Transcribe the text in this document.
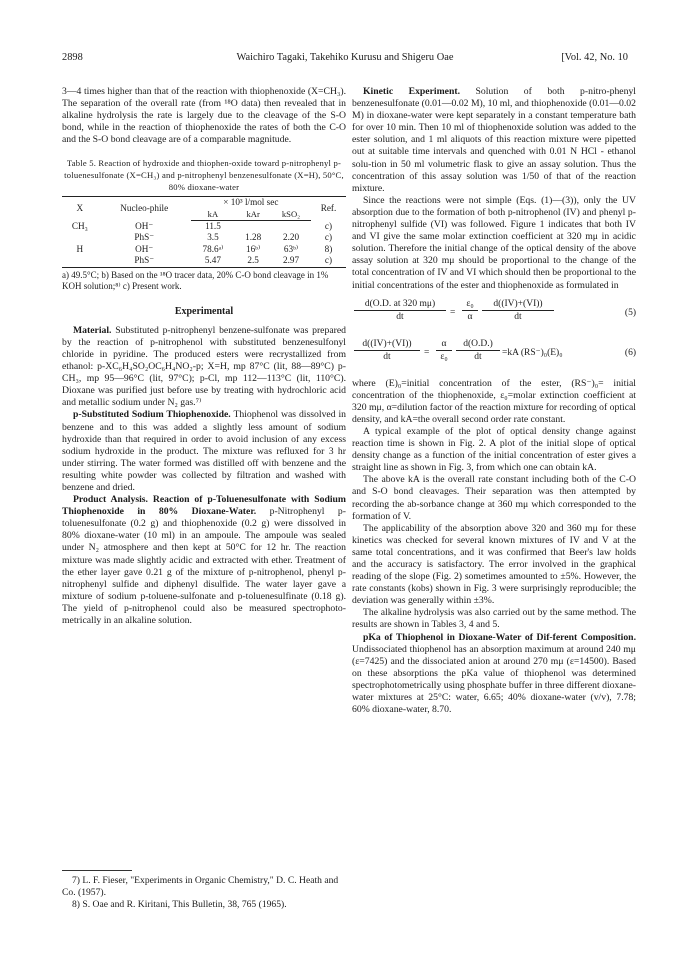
2898	Waichiro Tagaki, Takehiko Kurusu and Shigeru Oae	[Vol. 42, No. 10

3—4 times higher than that of the reaction with thiophenoxide (X=CH₃). The separation of the overall rate (from ¹⁸O data) then revealed that in alkaline hydrolysis the rate is largely due to the cleavage of the S-O bond, while in the reaction of thiophenoxide the rates of both the C-O and the S-O bond cleavage are of a comparable magnitude.

Table 5. Reaction of hydroxide and thiophen-oxide toward p-nitrophenyl p-toluenesulfonate (X=CH₃) and p-nitrophenyl benzenesulfonate (X=H), 50°C, 80% dioxane-water
X	Nucleo-phile	× 10³ l/mol sec			Ref.
		kA	kAr	kSO₂	
CH₃	OH⁻	11.5			c)
	PhS⁻	3.5	1.28	2.20	c)
H	OH⁻	78.6ᵃ⁾	16ᵇ⁾	63ᵇ⁾	8)
	PhS⁻	5.47	2.5	2.97	c)
a) 49.5°C; b) Based on the ¹⁸O tracer data, 20% C-O bond cleavage in 1% KOH solution;⁸⁾ c) Present work.
Experimental

Material. Substituted p-nitrophenyl benzene-sulfonate was prepared by the reaction of p-nitrophenol with substituted benzenesulfonyl chloride in pyridine. The produced esters were recrystallized from ethanol: p-XC₆H₄SO₂OC₆H₄NO₂-p; X=H, mp 87°C (lit, 88—89°C) p-CH₃, mp 95—96°C (lit, 97°C); p-Cl, mp 112—113°C (lit, 110°C). Dioxane was purified just before use by treating with hydrochloric acid and metallic sodium under N₂ gas.⁷⁾

p-Substituted Sodium Thiophenoxide. Thiophenol was dissolved in benzene and to this was added a slightly less amount of sodium hydroxide than that required in order to avoid inclusion of any excess sodium hydroxide in the product. The mixture was refluxed for 3 hr under stirring. The water formed was distilled off with benzene and the resulting white powder was collected by filtration and washed with benzene and dried.

Product Analysis. Reaction of p-Toluenesulfonate with Sodium Thiophenoxide in 80% Dioxane-Water. p-Nitrophenyl p-toluenesulfonate (0.2 g) and thiophenoxide (0.2 g) were dissolved in 80% dioxane-water (10 ml) in an ampoule. The ampoule was sealed under N₂ atmosphere and then kept at 50°C for 12 hr. The reaction mixture was made slightly acidic and extracted with ether. Treatment of the ether layer gave 0.21 g of the mixture of p-nitrophenol, phenyl p-nitrophenyl sulfide and diphenyl disulfide. The water layer gave a mixture of sodium p-toluene-sulfonate and p-toluenesulfinate (0.18 g). The yield of p-nitrophenol could also be measured spectrophoto-metrically in an alkaline solution.

7) L. F. Fieser, "Experiments in Organic Chemistry," D. C. Heath and Co. (1957).

8) S. Oae and R. Kiritani, This Bulletin, 38, 765 (1965).

Kinetic Experiment. Solution of both p-nitro-phenyl benzenesulfonate (0.01—0.02 M), 10 ml, and thiophenoxide (0.01—0.02 M) in dioxane-water were kept separately in a constant temperature bath for over 10 min. Then 10 ml of thiophenoxide solution was added to the ester solution, and 1 ml aliquots of this reaction mixture were pipetted out at suitable time intervals and quenched with 0.01 N HCl - ethanol solu-tion in 50 ml volumetric flask to give an assay solution. Thus the concentration of this assay solution was 1/50 of that of the reaction mixture.

Since the reactions were not simple (Eqs. (1)—(3)), only the UV absorption due to the formation of both p-nitrophenol (IV) and phenyl p-nitrophenyl sulfide (VI) was followed. Figure 1 indicates that both IV and VI give the same molar extinction coefficient at 320 mμ in acidic solution. Therefore the initial change of the optical density of the above assay solution at 320 mμ should be proportional to the change of the total concentration of IV and VI which should then be proportional to the initial concentrations of the ester and thiophenoxide as formulated in

$\frac{d(O.D. at 320 m\mu)}{dt} = \frac{\text{ε₀}}{\alpha} \frac{d((IV)+(VI))}{dt}$	(5)
$\frac{d((IV)+(VI))}{dt} = \frac{\alpha}{\text{ε₀}} \frac{d(O.D.)}{dt} =kA$ (RS⁻)₀(E)₀	(6)

where (E)₀=initial concentration of the ester, (RS⁻)₀= initial concentration of the thiophenoxide, ε₀=molar extinction coefficient at 320 mμ, α=dilution factor of the reaction mixture for recording of optical density, and kA=the overall second order rate constant.

A typical example of the plot of optical density change against reaction time is shown in Fig. 2. A plot of the initial slope of optical density change as a function of the initial concentration of ester gives a straight line as shown in Fig. 3, from which one can obtain kA.

The above kA is the overall rate constant including both of the C-O and S-O bond cleavages. Their separation was then attempted by recording the ab-sorbance change at 360 mμ which corresponded to the formation of V.

The applicability of the absorption above 320 and 360 mμ for these kinetics was checked for several known mixtures of IV and V at the same total concentrations, and it was confirmed that Beer's law holds and the accuracy is satisfactory. The error involved in the graphical reading of the slope (Fig. 2) sometimes amounted to ±5%. However, the rate constants (kobs) shown in Fig. 3 were surprisingly reproducible; the deviation was generally within ±3%.

The alkaline hydrolysis was also carried out by the same method. The results are shown in Tables 3, 4 and 5.

pKa of Thiophenol in Dioxane-Water of Dif-ferent Composition. Undissociated thiophenol has an absorption maximum at around 240 mμ (ε=7425) and the dissociated anion at around 270 mμ (ε=14500). Based on these absorptions the pKa value of thiophenol was determined spectrophotometrically using phosphate buffer in three different dioxane-water mixtures at 25°C: water, 6.65; 40% dioxane-water (v/v), 7.78; 60% dioxane-water, 8.70.
